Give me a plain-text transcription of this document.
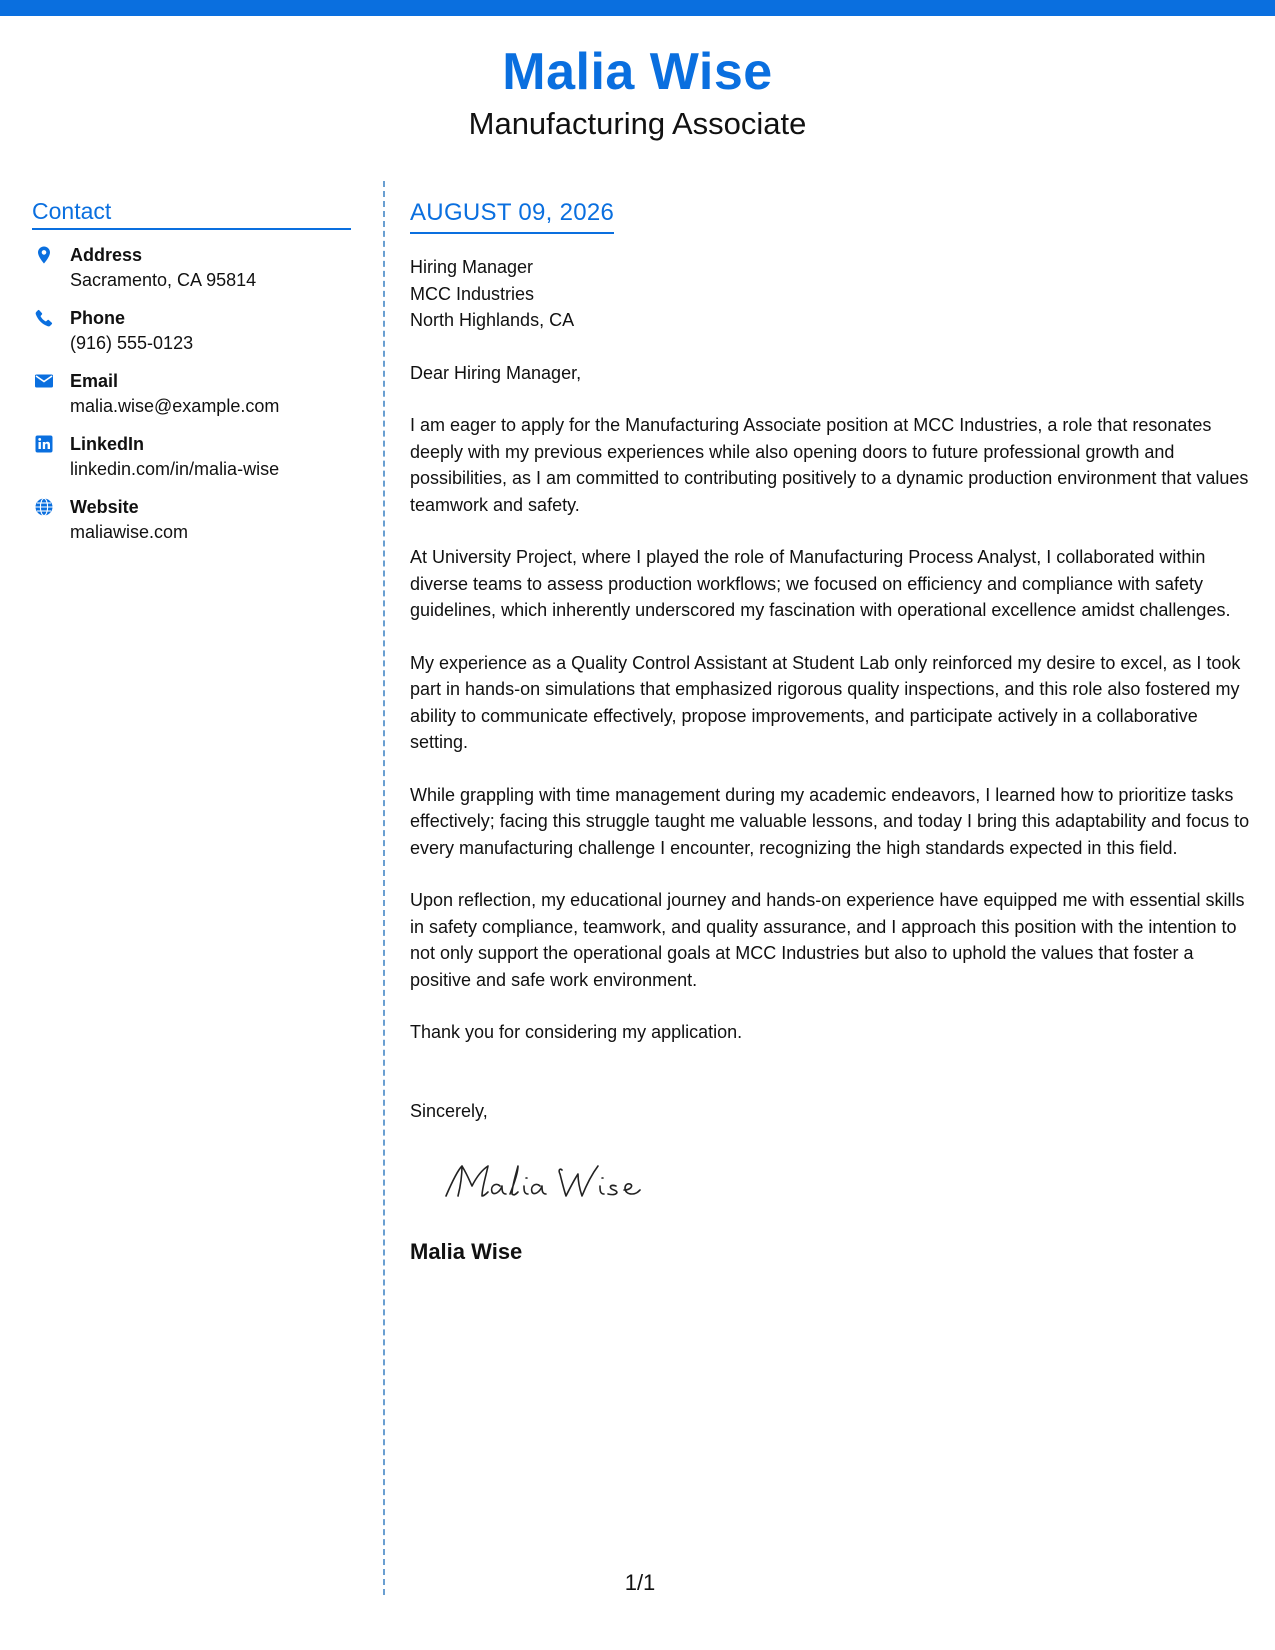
Malia Wise
Manufacturing Associate
Contact
Address
Sacramento, CA 95814
Phone
(916) 555-0123
Email
malia.wise@example.com
LinkedIn
linkedin.com/in/malia-wise
Website
maliawise.com
AUGUST 09, 2026
Hiring Manager
MCC Industries
North Highlands, CA
Dear Hiring Manager,
I am eager to apply for the Manufacturing Associate position at MCC Industries, a role that resonates deeply with my previous experiences while also opening doors to future professional growth and possibilities, as I am committed to contributing positively to a dynamic production environment that values teamwork and safety.
At University Project, where I played the role of Manufacturing Process Analyst, I collaborated within diverse teams to assess production workflows; we focused on efficiency and compliance with safety guidelines, which inherently underscored my fascination with operational excellence amidst challenges.
My experience as a Quality Control Assistant at Student Lab only reinforced my desire to excel, as I took part in hands-on simulations that emphasized rigorous quality inspections, and this role also fostered my ability to communicate effectively, propose improvements, and participate actively in a collaborative setting.
While grappling with time management during my academic endeavors, I learned how to prioritize tasks effectively; facing this struggle taught me valuable lessons, and today I bring this adaptability and focus to every manufacturing challenge I encounter, recognizing the high standards expected in this field.
Upon reflection, my educational journey and hands-on experience have equipped me with essential skills in safety compliance, teamwork, and quality assurance, and I approach this position with the intention to not only support the operational goals at MCC Industries but also to uphold the values that foster a positive and safe work environment.
Thank you for considering my application.
Sincerely,
Malia Wise
Malia Wise
1/1
